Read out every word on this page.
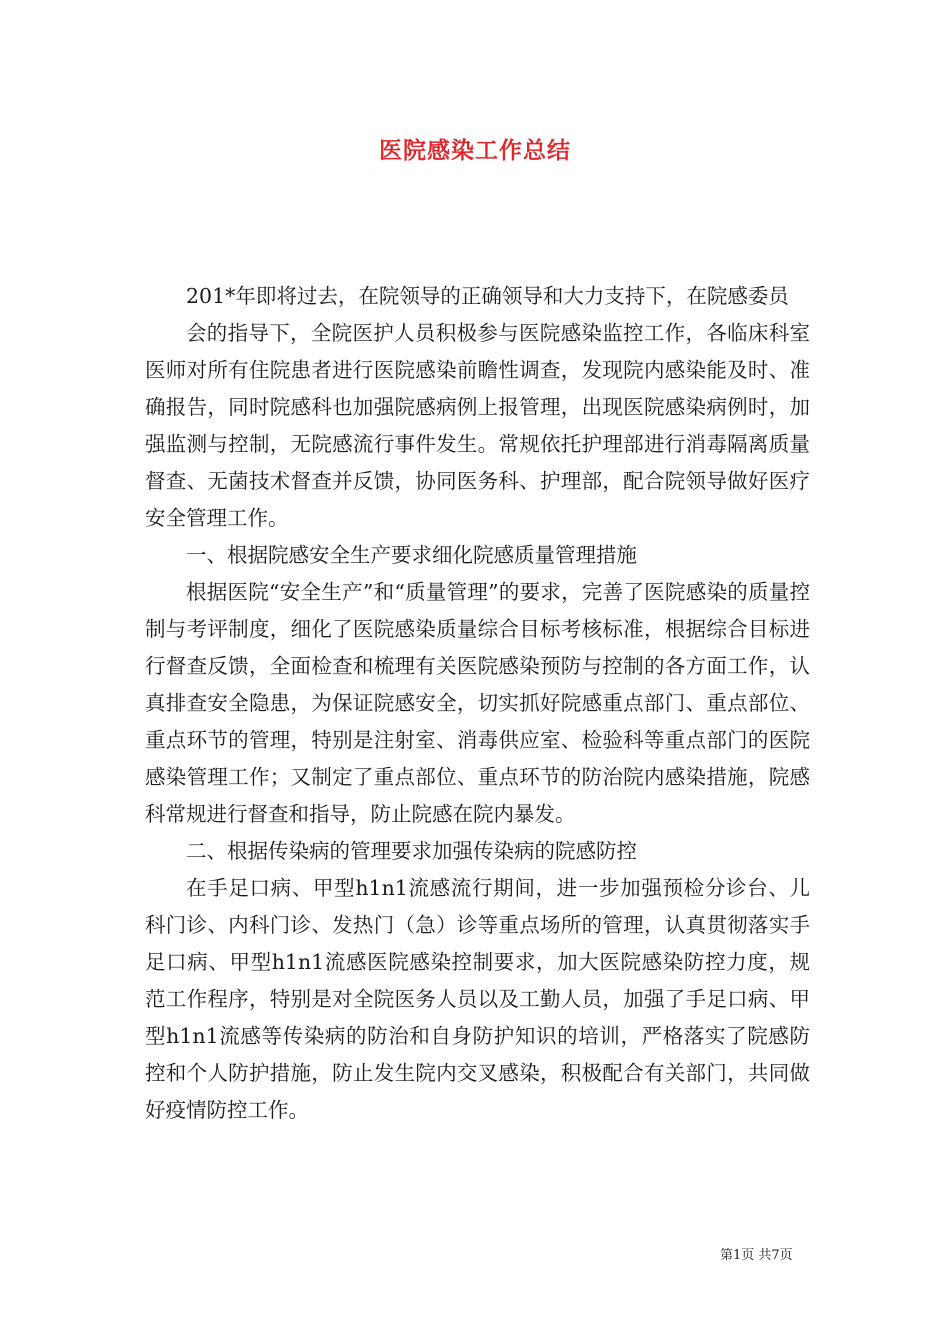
医院感染工作总结

201*年即将过去，在院领导的正确领导和大力支持下，在院感委员

会的指导下，全院医护人员积极参与医院感染监控工作，各临床科室医师对所有住院患者进行医院感染前瞻性调查，发现院内感染能及时、准确报告，同时院感科也加强院感病例上报管理，出现医院感染病例时，加强监测与控制，无院感流行事件发生。常规依托护理部进行消毒隔离质量督查、无菌技术督查并反馈，协同医务科、护理部，配合院领导做好医疗安全管理工作。

一、根据院感安全生产要求细化院感质量管理措施

根据医院“安全生产”和“质量管理”的要求，完善了医院感染的质量控制与考评制度，细化了医院感染质量综合目标考核标准，根据综合目标进行督查反馈，全面检查和梳理有关医院感染预防与控制的各方面工作，认真排查安全隐患，为保证院感安全，切实抓好院感重点部门、重点部位、重点环节的管理，特别是注射室、消毒供应室、检验科等重点部门的医院感染管理工作；又制定了重点部位、重点环节的防治院内感染措施，院感科常规进行督查和指导，防止院感在院内暴发。

二、根据传染病的管理要求加强传染病的院感防控

在手足口病、甲型h1n1流感流行期间，进一步加强预检分诊台、儿科门诊、内科门诊、发热门（急）诊等重点场所的管理，认真贯彻落实手足口病、甲型h1n1流感医院感染控制要求，加大医院感染防控力度，规范工作程序，特别是对全院医务人员以及工勤人员，加强了手足口病、甲型h1n1流感等传染病的防治和自身防护知识的培训，严格落实了院感防控和个人防护措施，防止发生院内交叉感染，积极配合有关部门，共同做好疫情防控工作。

第1页 共7页
